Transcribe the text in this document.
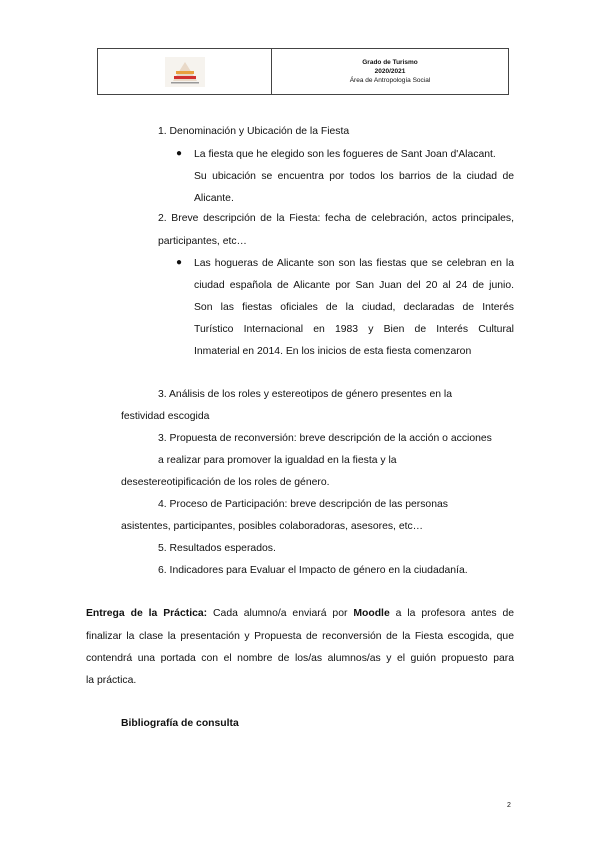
Grado de Turismo
2020/2021
Área de Antropología Social
1. Denominación y Ubicación de la Fiesta
● La fiesta que he elegido son les fogueres de Sant Joan d'Alacant.
Su ubicación se encuentra por todos los barrios de la ciudad de
Alicante.
2. Breve descripción de la Fiesta: fecha de celebración, actos principales,
participantes, etc…
● Las hogueras de Alicante son son las fiestas que se celebran en la
ciudad española de Alicante por San Juan del 20 al 24 de junio.
Son las fiestas oficiales de la ciudad, declaradas de Interés
Turístico Internacional en 1983 y Bien de Interés Cultural
Inmaterial en 2014. En los inicios de esta fiesta comenzaron
3. Análisis de los roles y estereotipos de género presentes en la
festividad escogida
3. Propuesta de reconversión: breve descripción de la acción o acciones
a realizar para promover la igualdad en la fiesta y la
desestereotipificación de los roles de género.
4. Proceso de Participación: breve descripción de las personas
asistentes, participantes, posibles colaboradoras, asesores, etc…
5. Resultados esperados.
6. Indicadores para Evaluar el Impacto de género en la ciudadanía.
Entrega de la Práctica: Cada alumno/a enviará por Moodle a la profesora antes de
finalizar la clase la presentación y Propuesta de reconversión de la Fiesta escogida, que
contendrá una portada con el nombre de los/as alumnos/as y el guión propuesto para
la práctica.
Bibliografía de consulta
2
